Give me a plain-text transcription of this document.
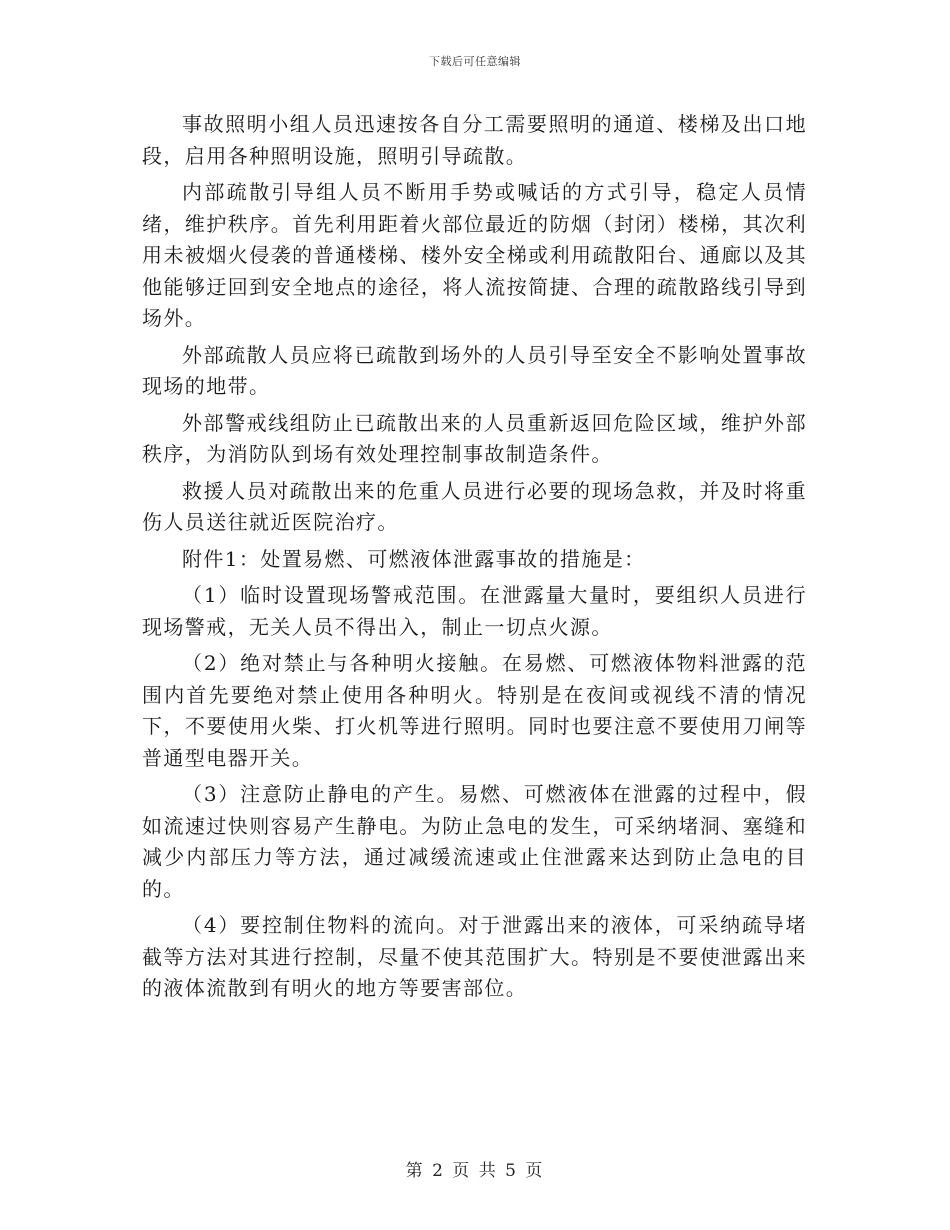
下载后可任意编辑

事故照明小组人员迅速按各自分工需要照明的通道、楼梯及出口地段，启用各种照明设施，照明引导疏散。

内部疏散引导组人员不断用手势或喊话的方式引导，稳定人员情绪，维护秩序。首先利用距着火部位最近的防烟（封闭）楼梯，其次利用未被烟火侵袭的普通楼梯、楼外安全梯或利用疏散阳台、通廊以及其他能够迂回到安全地点的途径，将人流按简捷、合理的疏散路线引导到场外。

外部疏散人员应将已疏散到场外的人员引导至安全不影响处置事故现场的地带。

外部警戒线组防止已疏散出来的人员重新返回危险区域，维护外部秩序，为消防队到场有效处理控制事故制造条件。

救援人员对疏散出来的危重人员进行必要的现场急救，并及时将重伤人员送往就近医院治疗。

附件1：处置易燃、可燃液体泄露事故的措施是：

（1）临时设置现场警戒范围。在泄露量大量时，要组织人员进行现场警戒，无关人员不得出入，制止一切点火源。

（2）绝对禁止与各种明火接触。在易燃、可燃液体物料泄露的范围内首先要绝对禁止使用各种明火。特别是在夜间或视线不清的情况下，不要使用火柴、打火机等进行照明。同时也要注意不要使用刀闸等普通型电器开关。

（3）注意防止静电的产生。易燃、可燃液体在泄露的过程中，假如流速过快则容易产生静电。为防止急电的发生，可采纳堵洞、塞缝和减少内部压力等方法，通过减缓流速或止住泄露来达到防止急电的目的。

（4）要控制住物料的流向。对于泄露出来的液体，可采纳疏导堵截等方法对其进行控制，尽量不使其范围扩大。特别是不要使泄露出来的液体流散到有明火的地方等要害部位。

第 2 页 共 5 页
